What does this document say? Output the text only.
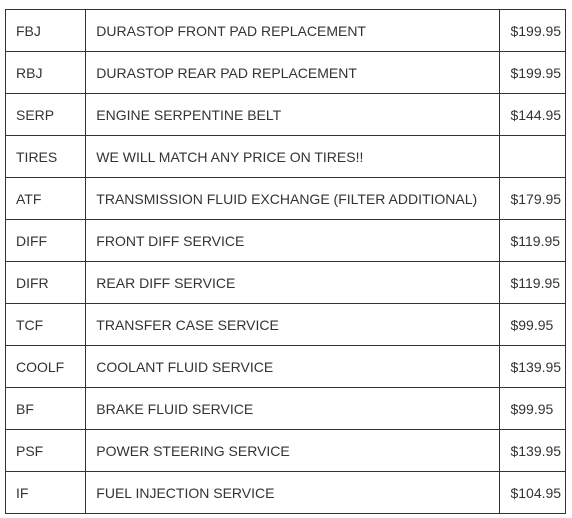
FBJ	DURASTOP FRONT PAD REPLACEMENT	$199.95
RBJ	DURASTOP REAR PAD REPLACEMENT	$199.95
SERP	ENGINE SERPENTINE BELT	$144.95
TIRES	WE WILL MATCH ANY PRICE ON TIRES!!	
ATF	TRANSMISSION FLUID EXCHANGE (FILTER ADDITIONAL)	$179.95
DIFF	FRONT DIFF SERVICE	$119.95
DIFR	REAR DIFF SERVICE	$119.95
TCF	TRANSFER CASE SERVICE	$99.95
COOLF	COOLANT FLUID SERVICE	$139.95
BF	BRAKE FLUID SERVICE	$99.95
PSF	POWER STEERING SERVICE	$139.95
IF	FUEL INJECTION SERVICE	$104.95
